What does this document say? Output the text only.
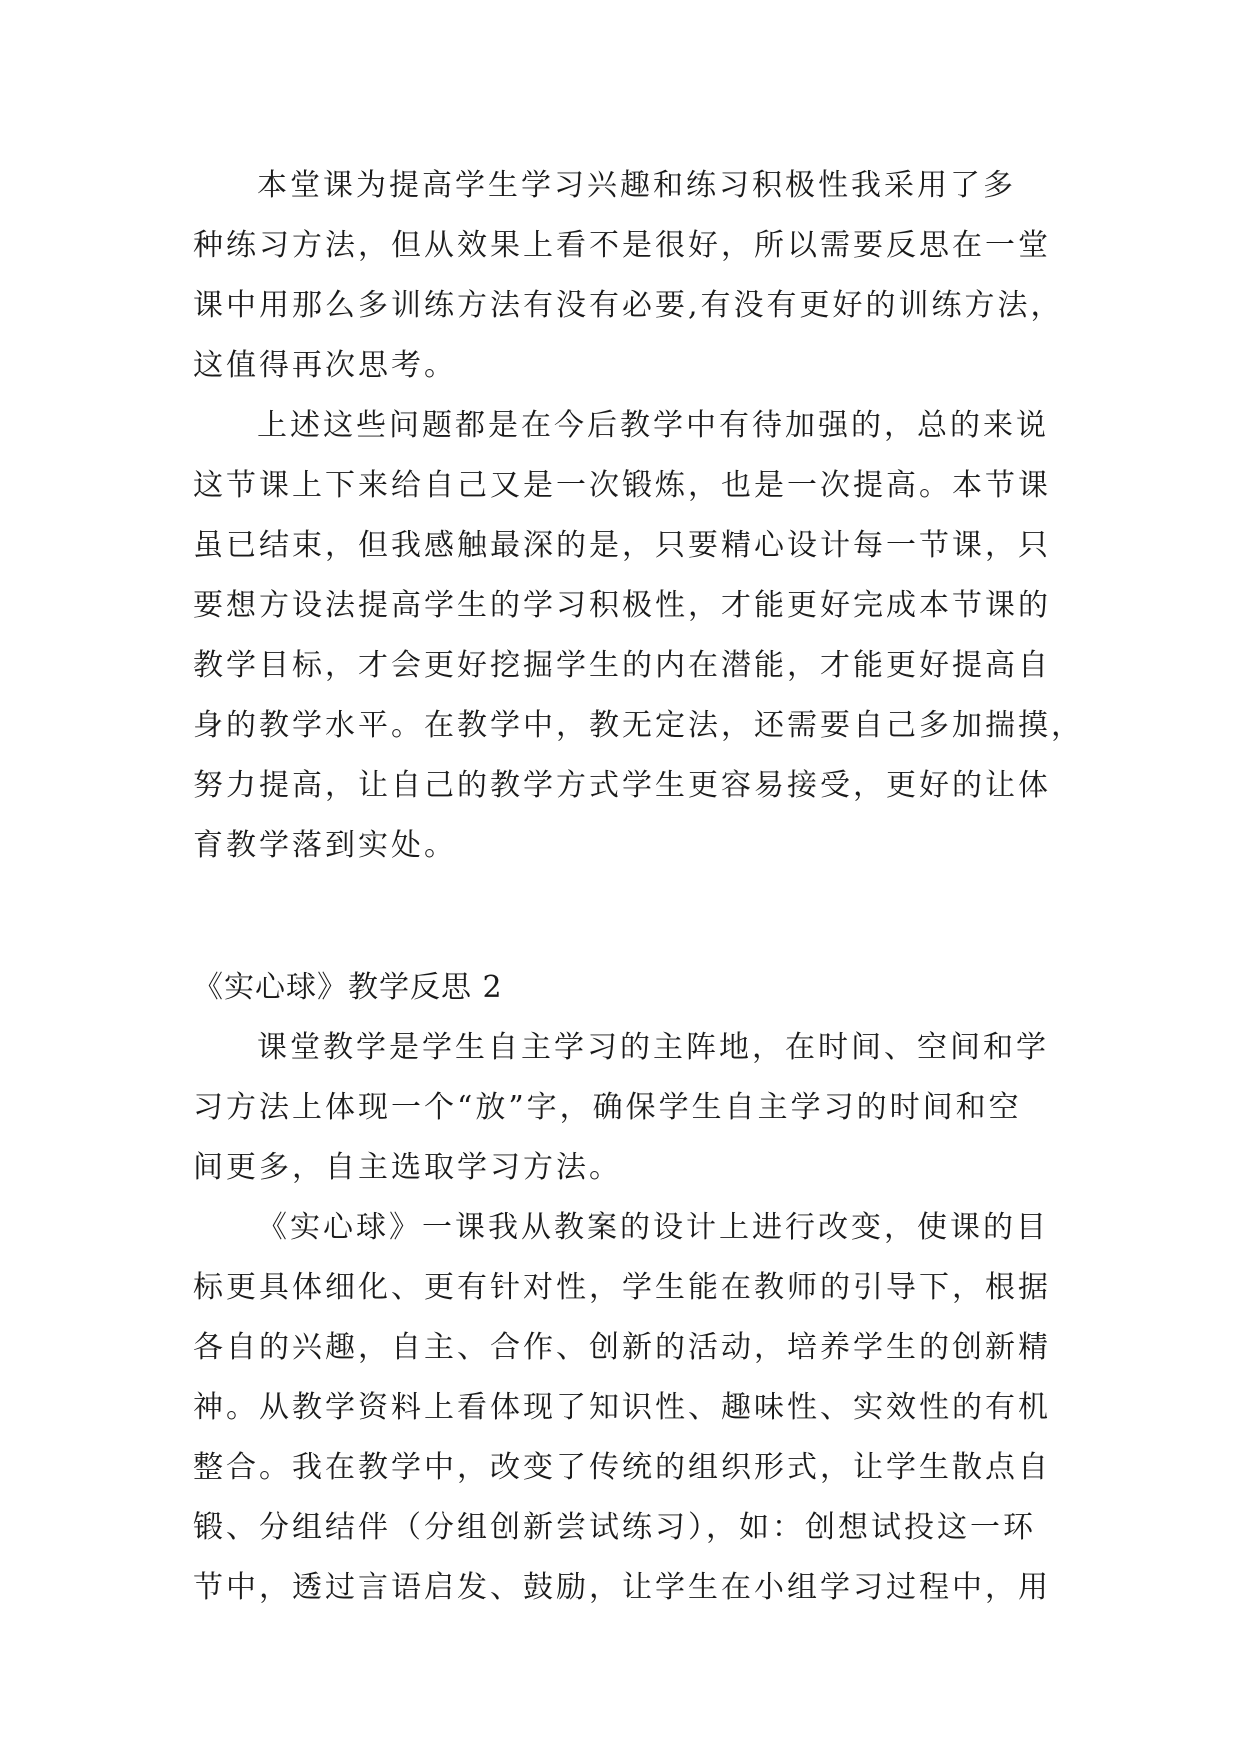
本堂课为提高学生学习兴趣和练习积极性我采用了多
种练习方法，但从效果上看不是很好，所以需要反思在一堂
课中用那么多训练方法有没有必要,有没有更好的训练方法，
这值得再次思考。
上述这些问题都是在今后教学中有待加强的，总的来说
这节课上下来给自己又是一次锻炼，也是一次提高。本节课
虽已结束，但我感触最深的是，只要精心设计每一节课，只
要想方设法提高学生的学习积极性，才能更好完成本节课的
教学目标，才会更好挖掘学生的内在潜能，才能更好提高自
身的教学水平。在教学中，教无定法，还需要自己多加揣摸，
努力提高，让自己的教学方式学生更容易接受，更好的让体
育教学落到实处。
《实心球》教学反思 2
课堂教学是学生自主学习的主阵地，在时间、空间和学
习方法上体现一个“放”字，确保学生自主学习的时间和空
间更多，自主选取学习方法。
《实心球》一课我从教案的设计上进行改变，使课的目
标更具体细化、更有针对性，学生能在教师的引导下，根据
各自的兴趣，自主、合作、创新的活动，培养学生的创新精
神。从教学资料上看体现了知识性、趣味性、实效性的有机
整合。我在教学中，改变了传统的组织形式，让学生散点自
锻、分组结伴（分组创新尝试练习），如：创想试投这一环
节中，透过言语启发、鼓励，让学生在小组学习过程中，用
